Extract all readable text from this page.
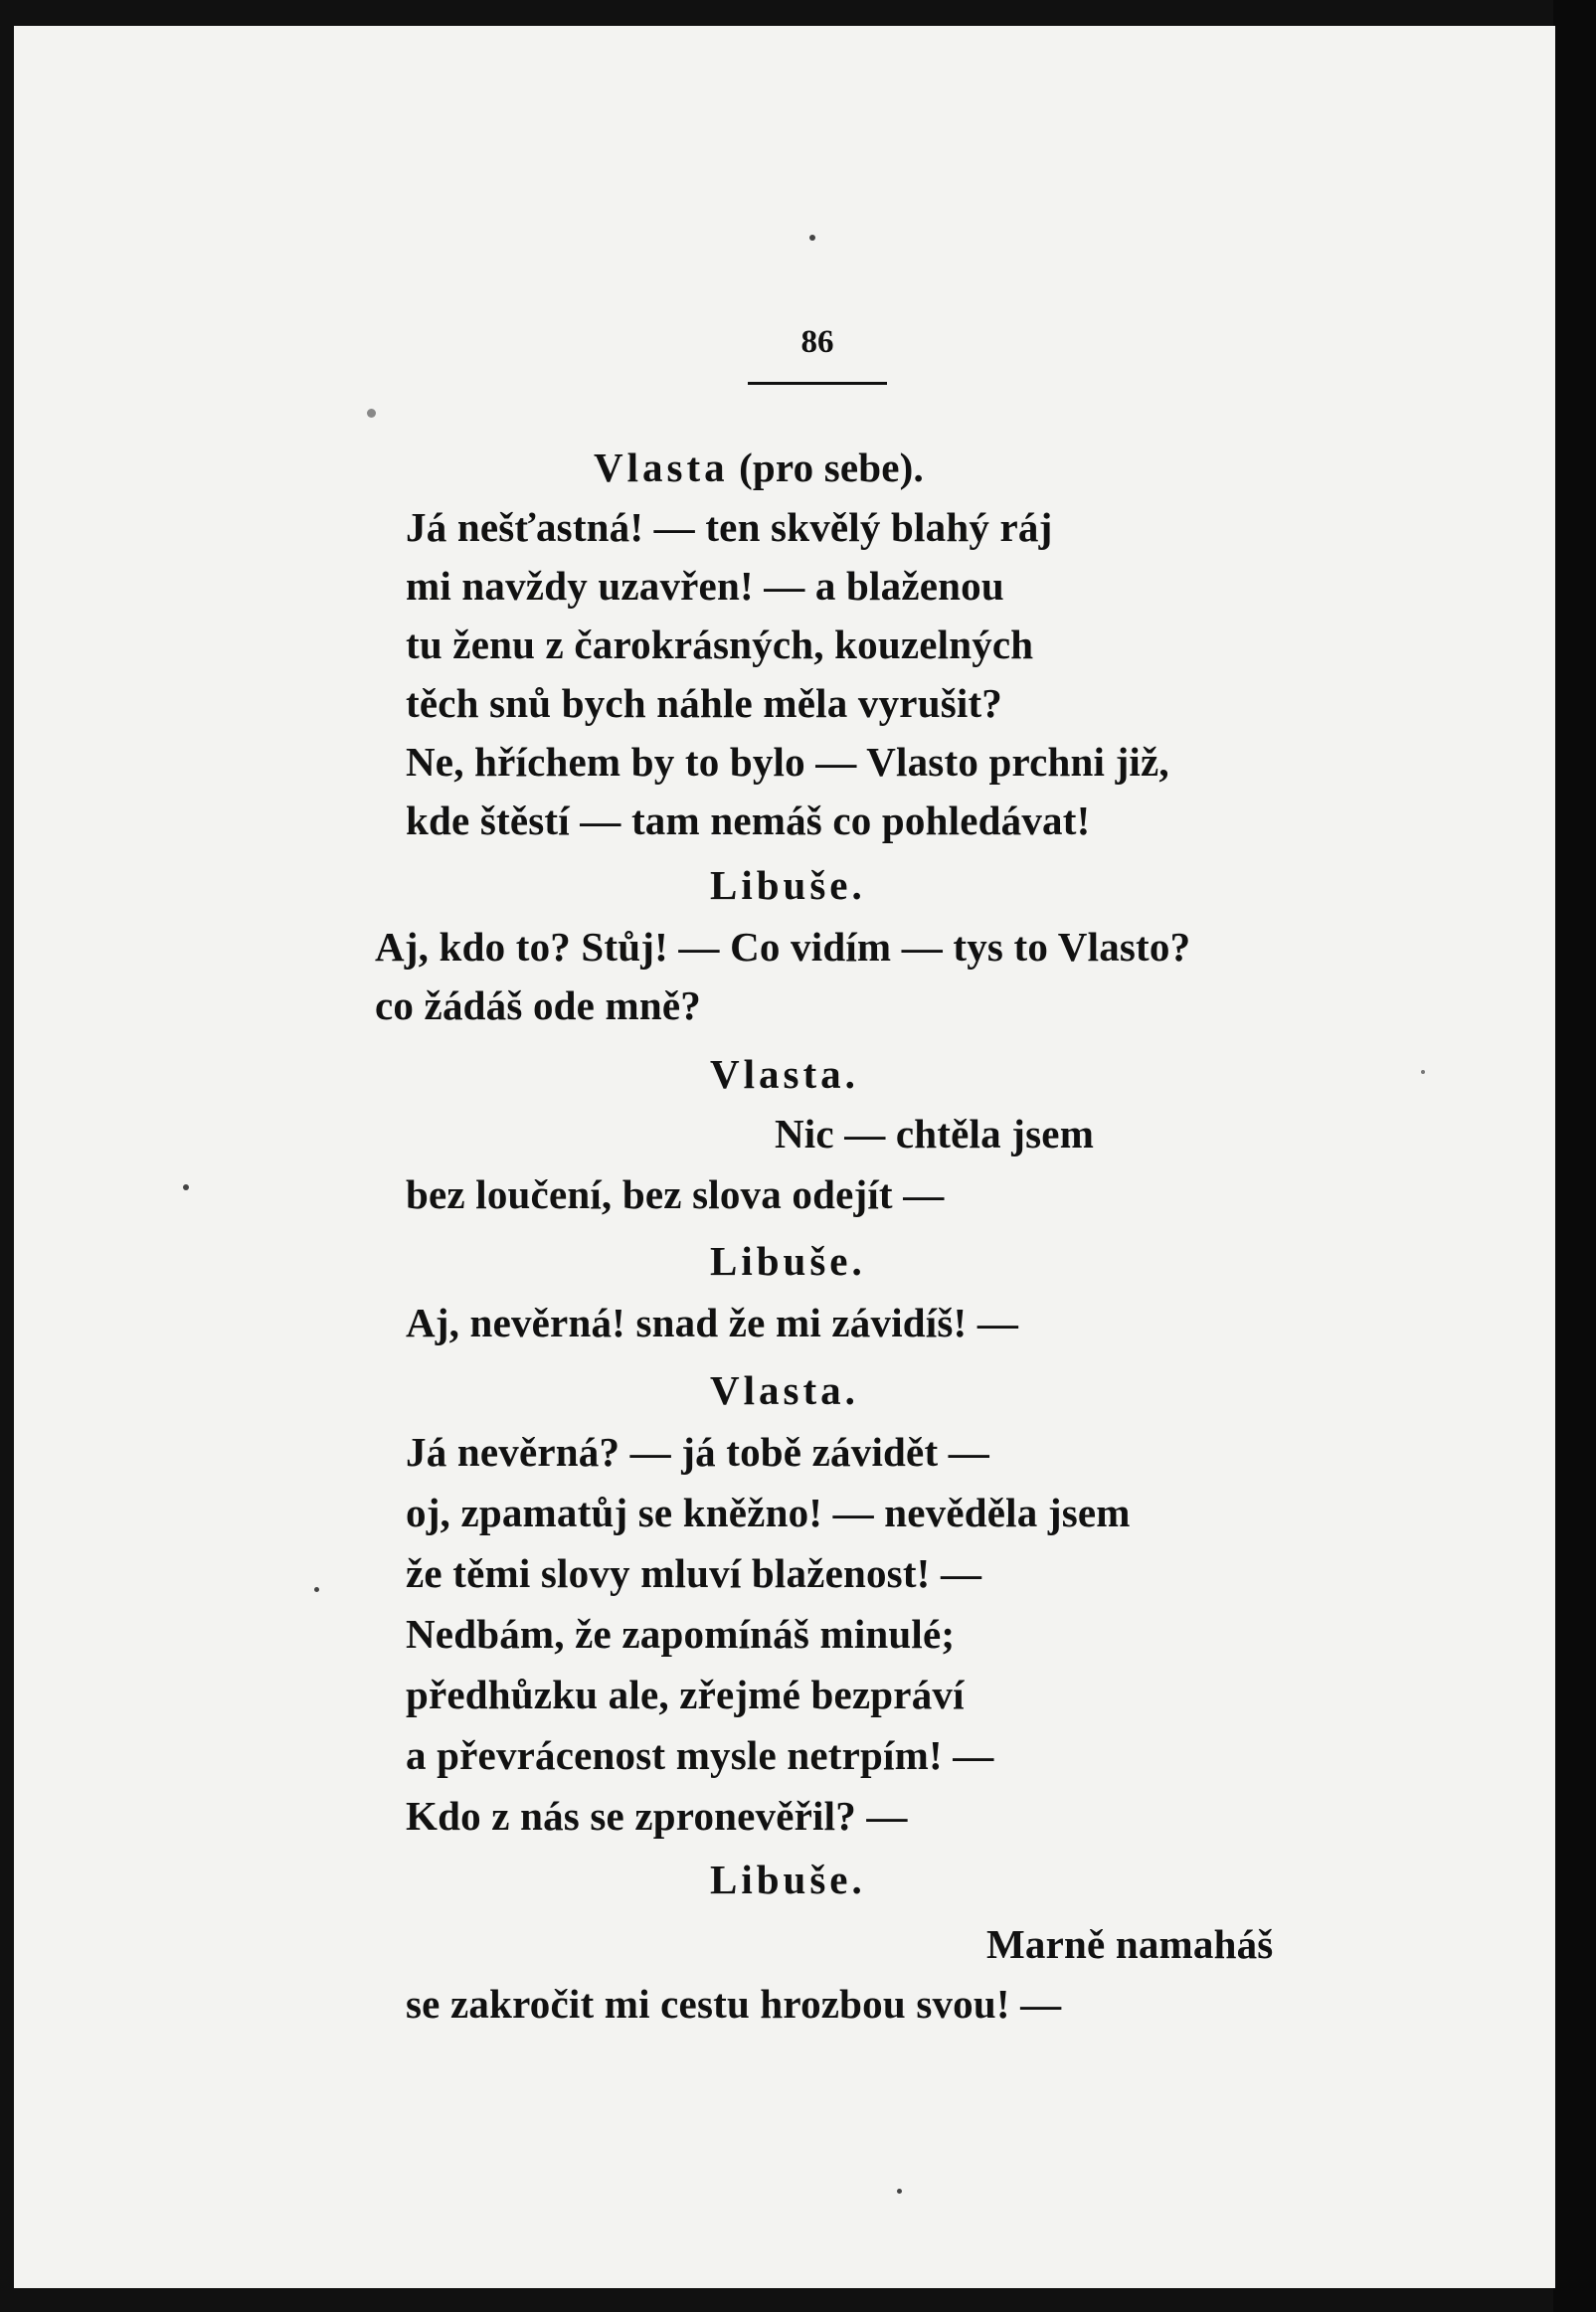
86
Vlasta (pro sebe).
Já nešťastná! — ten skvělý blahý ráj
mi navždy uzavřen! — a blaženou
tu ženu z čarokrásných, kouzelných
těch snů bych náhle měla vyrušit?
Ne, hříchem by to bylo — Vlasto prchni již,
kde štěstí — tam nemáš co pohledávat!
Libuše.
Aj, kdo to? Stůj! — Co vidím — tys to Vlasto?
co žádáš ode mně?
Vlasta.
Nic — chtěla jsem
bez loučení, bez slova odejít —
Libuše.
Aj, nevěrná! snad že mi závidíš! —
Vlasta.
Já nevěrná? — já tobě závidět —
oj, zpamatůj se kněžno! — nevěděla jsem
že těmi slovy mluví blaženost! —
Nedbám, že zapomínáš minulé;
předhůzku ale, zřejmé bezpráví
a převrácenost mysle netrpím! —
Kdo z nás se zpronevěřil? —
Libuše.
Marně namaháš
se zakročit mi cestu hrozbou svou! —
